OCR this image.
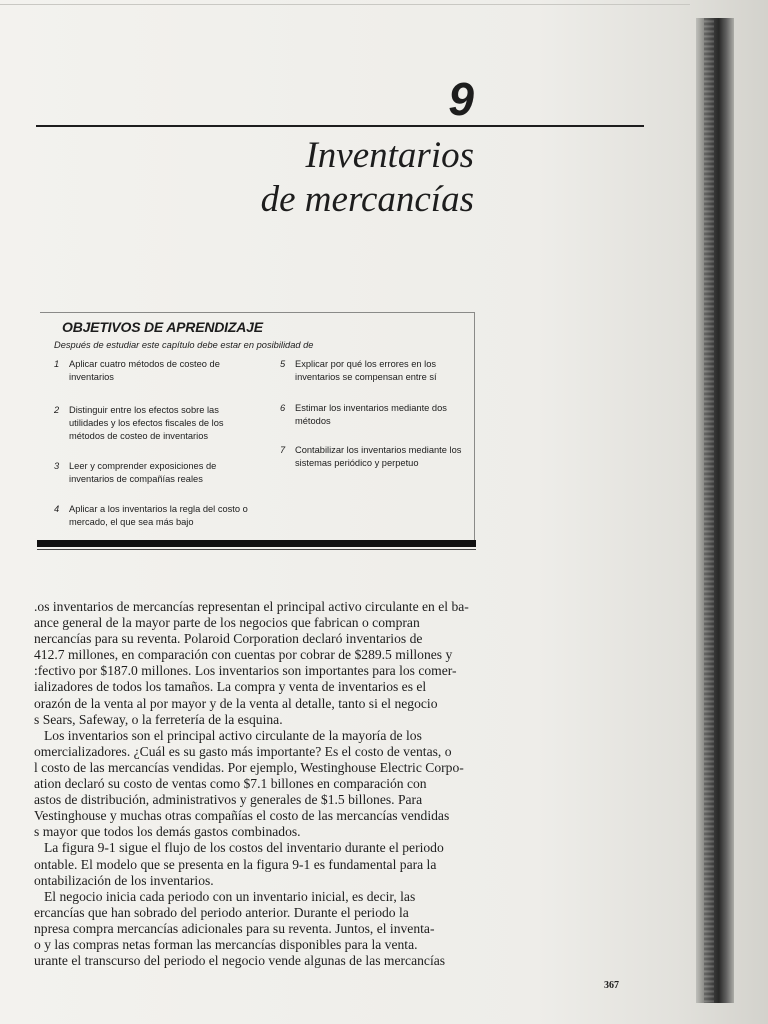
9
Inventarios
de mercancías
OBJETIVOS DE APRENDIZAJE
Después de estudiar este capítulo debe estar en posibilidad de
1 Aplicar cuatro métodos de costeo de
inventarios
2 Distinguir entre los efectos sobre las
utilidades y los efectos fiscales de los
métodos de costeo de inventarios
3 Leer y comprender exposiciones de
inventarios de compañías reales
4 Aplicar a los inventarios la regla del costo o
mercado, el que sea más bajo
5 Explicar por qué los errores en los
inventarios se compensan entre sí
6 Estimar los inventarios mediante dos
métodos
7 Contabilizar los inventarios mediante los
sistemas periódico y perpetuo
.os inventarios de mercancías representan el principal activo circulante en el ba-
ance general de la mayor parte de los negocios que fabrican o compran
nercancías para su reventa. Polaroid Corporation declaró inventarios de
412.7 millones, en comparación con cuentas por cobrar de $289.5 millones y
:fectivo por $187.0 millones. Los inventarios son importantes para los comer-
ializadores de todos los tamaños. La compra y venta de inventarios es el
orazón de la venta al por mayor y de la venta al detalle, tanto si el negocio
s Sears, Safeway, o la ferretería de la esquina.
Los inventarios son el principal activo circulante de la mayoría de los
omercializadores. ¿Cuál es su gasto más importante? Es el costo de ventas, o
l costo de las mercancías vendidas. Por ejemplo, Westinghouse Electric Corpo-
ation declaró su costo de ventas como $7.1 billones en comparación con
astos de distribución, administrativos y generales de $1.5 billones. Para
Vestinghouse y muchas otras compañías el costo de las mercancías vendidas
s mayor que todos los demás gastos combinados.
La figura 9-1 sigue el flujo de los costos del inventario durante el periodo
ontable. El modelo que se presenta en la figura 9-1 es fundamental para la
ontabilización de los inventarios.
El negocio inicia cada periodo con un inventario inicial, es decir, las
ercancías que han sobrado del periodo anterior. Durante el periodo la
npresa compra mercancías adicionales para su reventa. Juntos, el inventa-
o y las compras netas forman las mercancías disponibles para la venta.
urante el transcurso del periodo el negocio vende algunas de las mercancías
367
